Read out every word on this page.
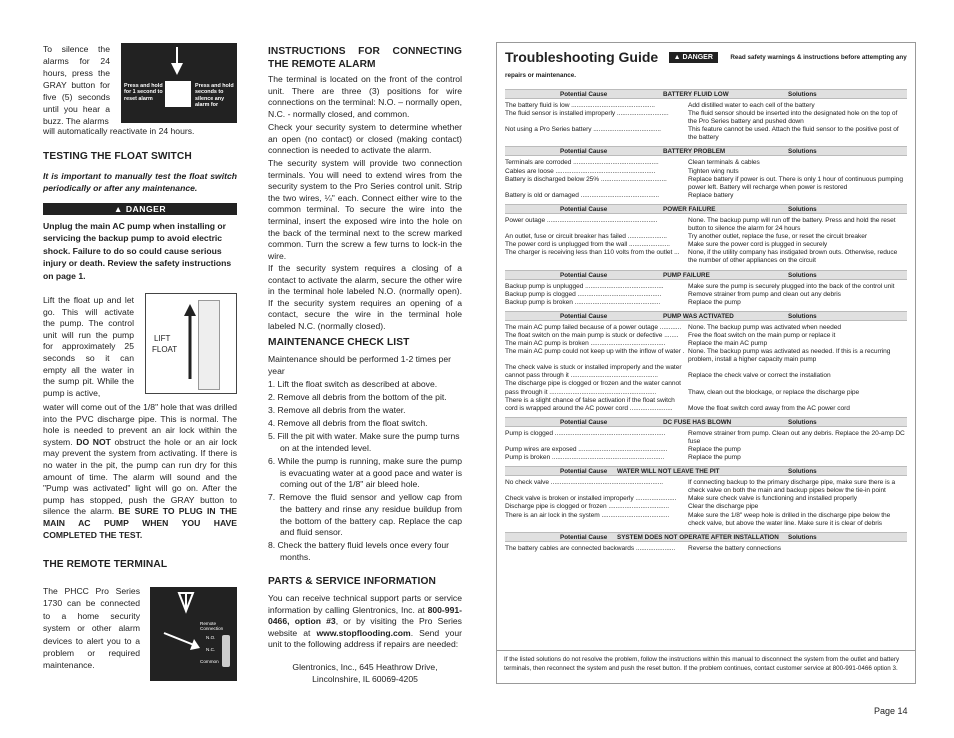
To silence the alarms for 24 hours, press the GRAY button for five (5) seconds until you hear a buzz. The alarms

will automatically reactivate in 24 hours.

TESTING THE FLOAT SWITCH

It is important to manually test the float switch periodically or after any maintenance.

▲ DANGER

Unplug the main AC pump when installing or servicing the backup pump to avoid electric shock. Failure to do so could cause serious injury or death. Review the safety instructions on page 1.

Lift the float up and let go. This will activate the pump. The control unit will run the pump for approximately 25 seconds so it can empty all the water in the sump pit. While the pump is active,

water will come out of the 1/8" hole that was drilled into the PVC discharge pipe. This is normal. The hole is needed to prevent an air lock within the system. DO NOT obstruct the hole or an air lock may prevent the system from activating. If there is no water in the pit, the pump can run dry for this amount of time. The alarm will sound and the "Pump was activated" light will go on. After the pump has stopped, push the GRAY button to silence the alarm. BE SURE TO PLUG IN THE MAIN AC PUMP WHEN YOU HAVE COMPLETED THE TEST.

THE REMOTE TERMINAL

The PHCC Pro Series 1730 can be connected to a home security system or other alarm devices to alert you to a problem or required maintenance.

Press and hold for 1 second to reset alarm
Press and hold seconds to silence any alarm for
LIFT
FLOAT
Remote Connection
N.O.
N.C.
Common
INSTRUCTIONS FOR CONNECTING THE REMOTE ALARM

The terminal is located on the front of the control unit. There are three (3) positions for wire connections on the terminal: N.O. – normally open, N.C. - normally closed, and common.

Check your security system to determine whether an open (no contact) or closed (making contact) connection is needed to activate the alarm.

The security system will provide two connection terminals. You will need to extend wires from the security system to the Pro Series control unit. Strip the two wires, ¼" each. Connect either wire to the common terminal. To secure the wire into the terminal, insert the exposed wire into the hole on the back of the terminal next to the screw marked common. Turn the screw a few turns to lock-in the wire.

If the security system requires a closing of a contact to activate the alarm, secure the other wire in the terminal hole labeled N.O. (normally open). If the security system requires an opening of a contact, secure the wire in the terminal hole labeled N.C. (normally closed).

MAINTENANCE CHECK LIST

Maintenance should be performed 1-2 times per year

1. Lift the float switch as described at above.
2. Remove all debris from the bottom of the pit.
3. Remove all debris from the water.
4. Remove all debris from the float switch.
5. Fill the pit with water. Make sure the pump turns on at the intended level.
6. While the pump is running, make sure the pump is evacuating water at a good pace and water is coming out of the 1/8" air bleed hole.
7. Remove the fluid sensor and yellow cap from the battery and rinse any residue buildup from the bottom of the battery cap. Replace the cap and fluid sensor.
8. Check the battery fluid levels once every four months.
PARTS & SERVICE INFORMATION

You can receive technical support parts or service information by calling Glentronics, Inc. at 800-991-0466, option #3, or by visiting the Pro Series website at www.stopflooding.com. Send your unit to the following address if repairs are needed:

Glentronics, Inc., 645 Heathrow Drive,

Lincolnshire, IL 60069-4205

Troubleshooting Guide ▲ DANGER	Read safety warnings & instructions before attempting any repairs or maintenance.
Potential Cause	BATTERY FLUID LOW	Solutions
The battery fluid is low ...............................................	Add distilled water to each cell of the battery
The fluid sensor is installed improperly .............................	The fluid sensor should be inserted into the designated hole on the top of the Pro Series battery and pushed down
Not using a Pro Series battery ......................................	This feature cannot be used. Attach the fluid sensor to the positive post of the battery
Potential Cause	BATTERY PROBLEM	Solutions
Terminals are corroded ................................................	Clean terminals & cables
Cables are loose ........................................................	Tighten wing nuts
Battery is discharged below 25% .....................................	Replace battery if power is out. There is only 1 hour of continuous pumping power left. Battery will recharge when power is restored
Battery is old or damaged ............................................	Replace battery
Potential Cause	POWER FAILURE	Solutions
Power outage ..............................................................	None. The backup pump will run off the battery. Press and hold the reset button to silence the alarm for 24 hours
An outlet, fuse or circuit breaker has failed ......................	Try another outlet, replace the fuse, or reset the circuit breaker
The power cord is unplugged from the wall .......................	Make sure the power cord is plugged in securely
The charger is receiving less than 110 volts from the outlet ...	None, if the utility company has instigated brown outs. Otherwise, reduce the number of other appliances on the circuit
Potential Cause	PUMP FAILURE	Solutions
Backup pump is unplugged ............................................	Make sure the pump is securely plugged into the back of the control unit
Backup pump is clogged ...............................................	Remove strainer from pump and clean out any debris
Backup pump is broken ................................................	Replace the pump
Potential Cause	PUMP WAS ACTIVATED	Solutions
The main AC pump failed because of a power outage ............	None. The backup pump was activated when needed
The float switch on the main pump is stuck or defective ........	Free the float switch on the main pump or replace it
The main AC pump is broken ..........................................	Replace the main AC pump
The main AC pump could not keep up with the inflow of water . None. The backup pump was activated as needed. If this is a recurring problem, install a higher capacity main pump
The check valve is stuck or installed improperly and the water
cannot pass through it .................................................	Replace the check valve or correct the installation
The discharge pipe is clogged or frozen and the water cannot
pass through it ............................................................	Thaw, clean out the blockage, or replace the discharge pipe
There is a slight chance of false activation if the float switch
cord is wrapped around the AC power cord ........................	Move the float switch cord away from the AC power cord
Potential Cause	DC FUSE HAS BLOWN	Solutions
Pump is clogged ..............................................................	Remove strainer from pump. Clean out any debris. Replace the 20-amp DC fuse
Pump wires are exposed ..................................................	Replace the pump
Pump is broken ...............................................................	Replace the pump
Potential Cause WATER WILL NOT LEAVE THE PIT	Solutions
No check valve ...............................................................	If connecting backup to the primary discharge pipe, make sure there is a check valve on both the main and backup pipes below the tie-in point
Check valve is broken or installed improperly .......................	Make sure check valve is functioning and installed properly
Discharge pipe is clogged or frozen ..................................	Clear the discharge pipe
There is an air lock in the system ......................................	Make sure the 1/8" weep hole is drilled in the discharge pipe below the check valve, but above the water line. Make sure it is clear of debris
Potential Cause SYSTEM DOES NOT OPERATE AFTER INSTALLATION Solutions
The battery cables are connected backwards ......................	Reverse the battery connections
If the listed solutions do not resolve the problem, follow the instructions within this manual to disconnect the system from the outlet and battery terminals, then reconnect the system and push the reset button. If the problem continues, contact customer service at 800-991-0466 option 3.
Page 14
